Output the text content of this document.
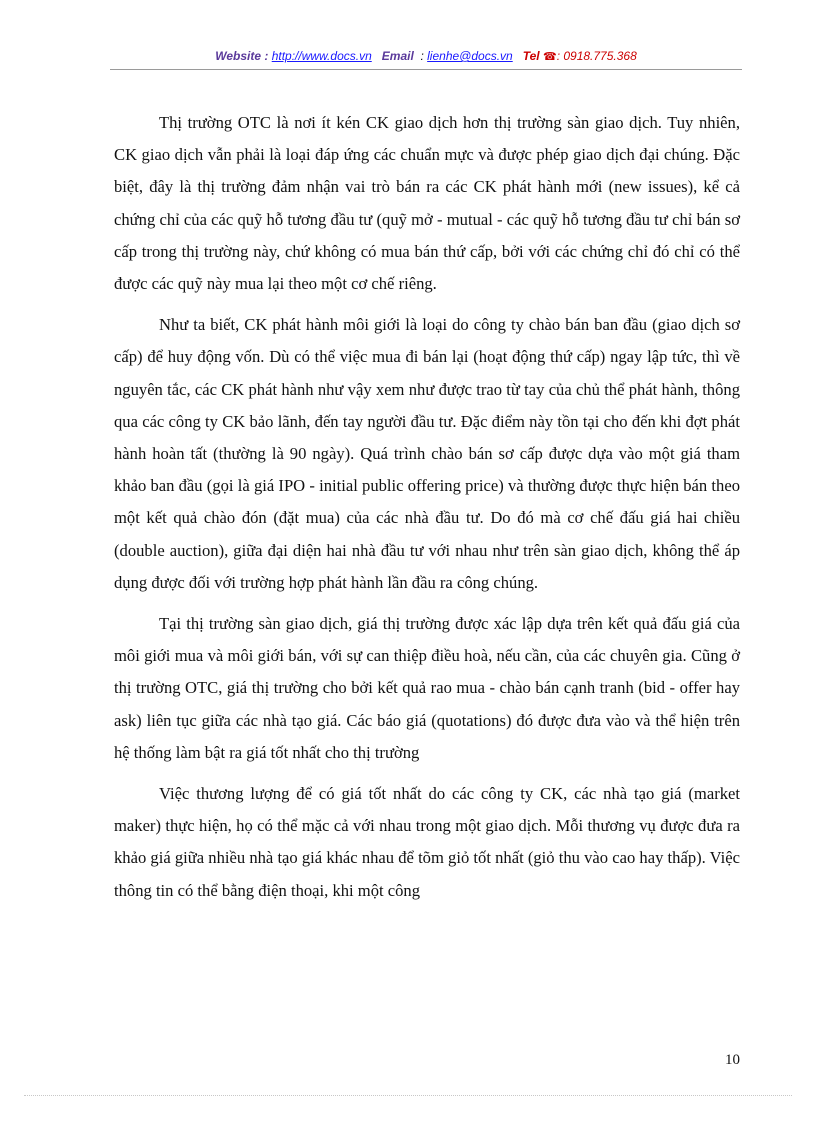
Website : http://www.docs.vn Email : lienhe@docs.vn Tel ☎: 0918.775.368

Thị trường OTC là nơi ít kén CK giao dịch hơn thị trường sàn giao dịch. Tuy nhiên, CK giao dịch vẫn phải là loại đáp ứng các chuẩn mực và được phép giao dịch đại chúng. Đặc biệt, đây là thị trường đảm nhận vai trò bán ra các CK phát hành mới (new issues), kể cả chứng chỉ của các quỹ hỗ tương đầu tư (quỹ mở - mutual - các quỹ hỗ tương đầu tư chỉ bán sơ cấp trong thị trường này, chứ không có mua bán thứ cấp, bởi với các chứng chỉ đó chỉ có thể được các quỹ này mua lại theo một cơ chế riêng.

Như ta biết, CK phát hành môi giới là loại do công ty chào bán ban đầu (giao dịch sơ cấp) để huy động vốn. Dù có thể việc mua đi bán lại (hoạt động thứ cấp) ngay lập tức, thì về nguyên tắc, các CK phát hành như vậy xem như được trao từ tay của chủ thể phát hành, thông qua các công ty CK bảo lãnh, đến tay người đầu tư. Đặc điểm này tồn tại cho đến khi đợt phát hành hoàn tất (thường là 90 ngày). Quá trình chào bán sơ cấp được dựa vào một giá tham khảo ban đầu (gọi là giá IPO - initial public offering price) và thường được thực hiện bán theo một kết quả chào đón (đặt mua) của các nhà đầu tư. Do đó mà cơ chế đấu giá hai chiều (double auction), giữa đại diện hai nhà đầu tư với nhau như trên sàn giao dịch, không thể áp dụng được đối với trường hợp phát hành lần đầu ra công chúng.

Tại thị trường sàn giao dịch, giá thị trường được xác lập dựa trên kết quả đấu giá của môi giới mua và môi giới bán, với sự can thiệp điều hoà, nếu cần, của các chuyên gia. Cũng ở thị trường OTC, giá thị trường cho bởi kết quả rao mua - chào bán cạnh tranh (bid - offer hay ask) liên tục giữa các nhà tạo giá. Các báo giá (quotations) đó được đưa vào và thể hiện trên hệ thống làm bật ra giá tốt nhất cho thị trường

Việc thương lượng để có giá tốt nhất do các công ty CK, các nhà tạo giá (market maker) thực hiện, họ có thể mặc cả với nhau trong một giao dịch. Mỗi thương vụ được đưa ra khảo giá giữa nhiều nhà tạo giá khác nhau để tõm giỏ tốt nhất (giỏ thu vào cao hay thấp). Việc thông tin có thể bằng điện thoại, khi một công

10
